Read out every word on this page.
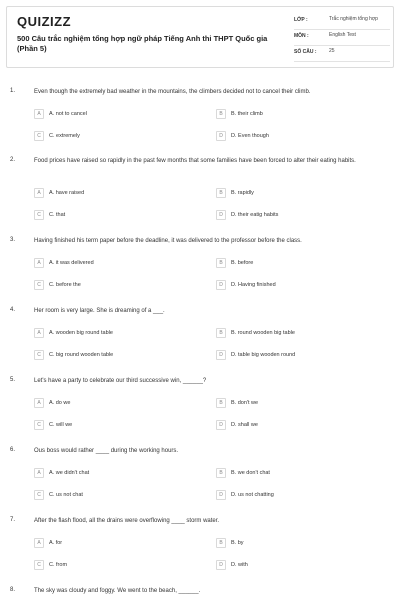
QUIZIZZ
500 Câu trắc nghiệm tổng hợp ngữ pháp Tiếng Anh thi THPT Quốc gia (Phần 5)
LỚP :	Trắc nghiệm tổng hợp
MÔN :	English Test
SỐ CÂU :	25
1.	Even though the extremely bad weather in the mountains, the climbers decided not to cancel their climb.
A	A. not to cancel	B	B. their climb
C	C. extremely	D	D. Even though
2.	Food prices have raised so rapidly in the past few months that some families have been forced to alter their eating habits.
A	A. have raised	B	B. rapidly
C	C. that	D	D. their eatig habits
3.	Having finished his term paper before the deadline, it was delivered to the professor before the class.
A	A. it was delivered	B	B. before
C	C. before the	D	D. Having finished
4.	Her room is very large. She is dreaming of a ___.
A	A. wooden big round table	B	B. round wooden big table
C	C. big round wooden table	D	D. table big wooden round
5.	Let's have a party to celebrate our third successive win, ______?
A	A. do we	B	B. don't we
C	C. will we	D	D. shall we
6.	Ous boss would rather ____ during the working hours.
A	A. we didn't chat	B	B. we don't chat
C	C. us not chat	D	D. us not chatting
7.	After the flash flood, all the drains were overflowing ____ storm water.
A	A. for	B	B. by
C	C. from	D	D. with
8.	The sky was cloudy and foggy. We went to the beach, ______.
